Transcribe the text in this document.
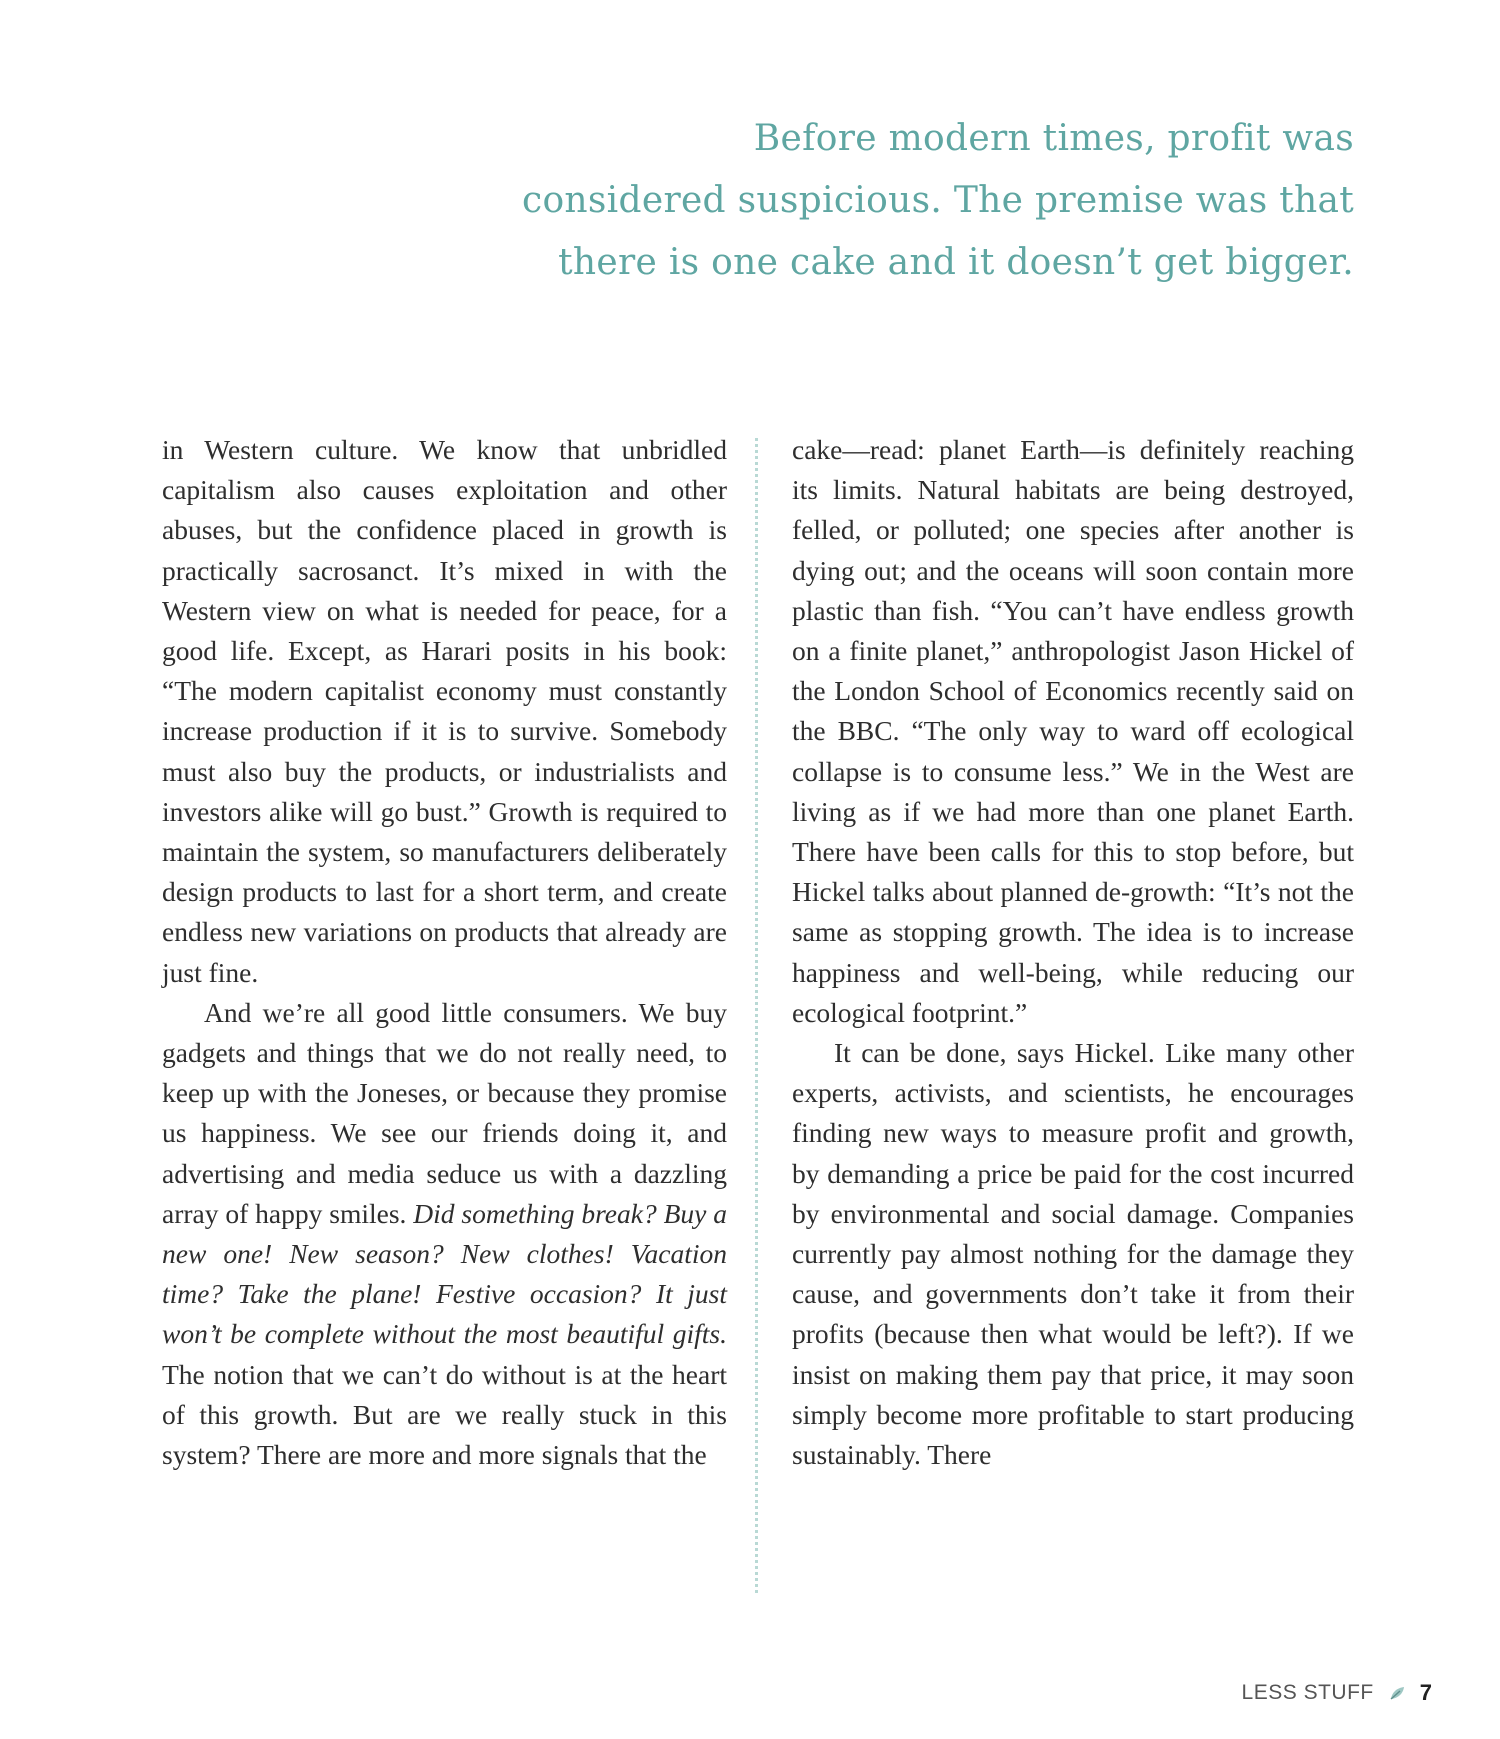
Before modern times, profit was
considered suspicious. The premise was that
there is one cake and it doesn’t get bigger.

in Western culture. We know that unbridled capitalism also causes exploitation and other abuses, but the confidence placed in growth is practically sacrosanct. It’s mixed in with the Western view on what is needed for peace, for a good life. Except, as Harari posits in his book: “The modern capitalist economy must constantly increase production if it is to survive. Somebody must also buy the products, or industrialists and investors alike will go bust.” Growth is required to maintain the system, so manufacturers deliberately design products to last for a short term, and create endless new variations on products that already are just fine.

And we’re all good little consumers. We buy gadgets and things that we do not really need, to keep up with the Joneses, or because they promise us happiness. We see our friends doing it, and advertising and media seduce us with a dazzling array of happy smiles. Did something break? Buy a new one! New season? New clothes! Vacation time? Take the plane! Festive occasion? It just won’t be complete without the most beautiful gifts. The notion that we can’t do without is at the heart of this growth. But are we really stuck in this system? There are more and more signals that the

cake—read: planet Earth—is definitely reaching its limits. Natural habitats are being destroyed, felled, or polluted; one species after another is dying out; and the oceans will soon contain more plastic than fish. “You can’t have endless growth on a finite planet,” anthropologist Jason Hickel of the London School of Economics recently said on the BBC. “The only way to ward off ecological collapse is to consume less.” We in the West are living as if we had more than one planet Earth. There have been calls for this to stop before, but Hickel talks about planned de-growth: “It’s not the same as stopping growth. The idea is to increase happiness and well-being, while reducing our ecological footprint.”

It can be done, says Hickel. Like many other experts, activists, and scientists, he encourages finding new ways to measure profit and growth, by demanding a price be paid for the cost incurred by environmental and social damage. Companies currently pay almost nothing for the damage they cause, and governments don’t take it from their profits (because then what would be left?). If we insist on making them pay that price, it may soon simply become more profitable to start producing sustainably. There

LESS STUFF 7
